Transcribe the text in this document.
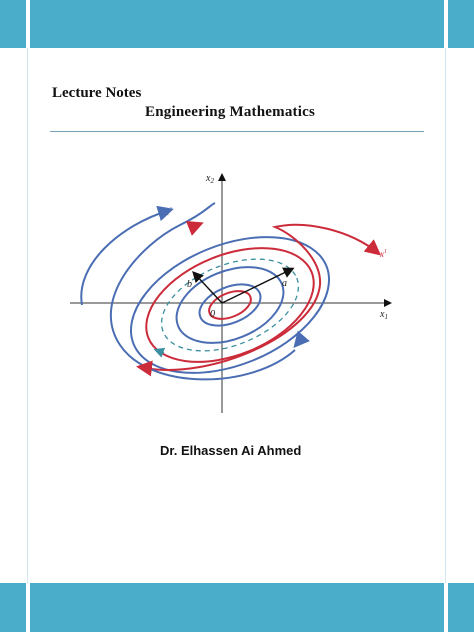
Lecture Notes
Engineering Mathematics
$x_1$
$x_2$
0
a
b
$x^1$
$x^2$
Dr. Elhassen Ai Ahmed
